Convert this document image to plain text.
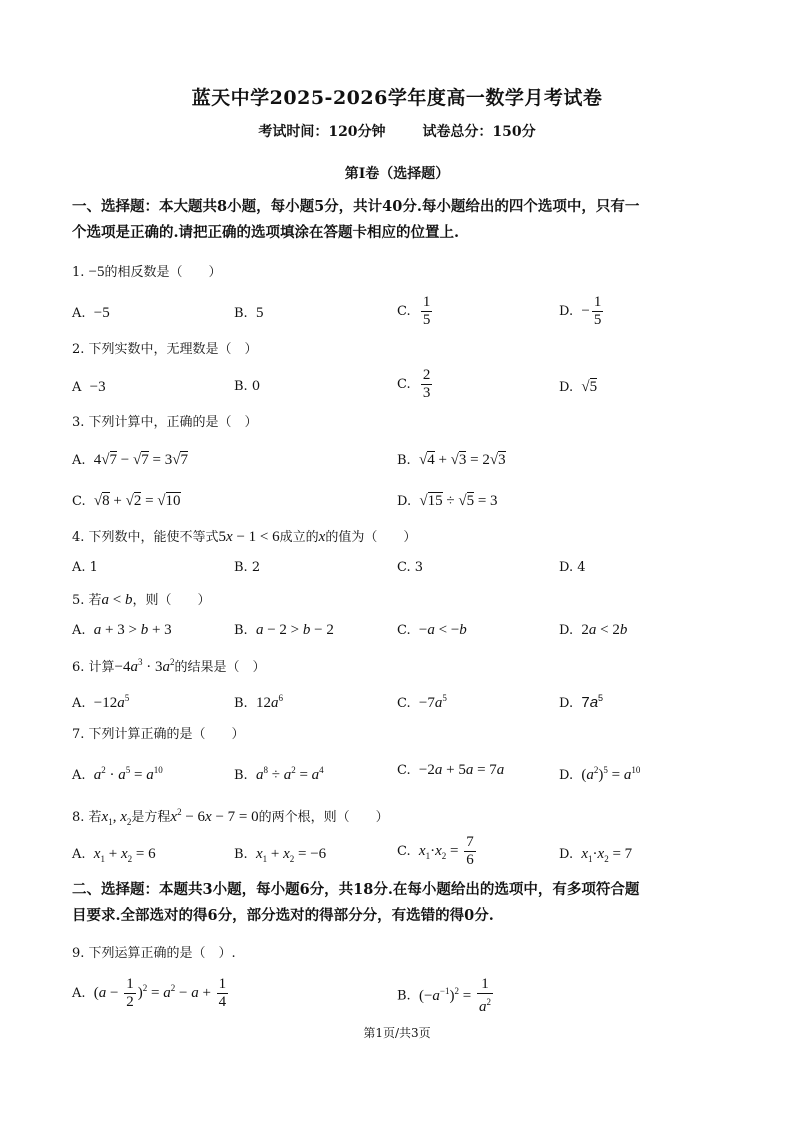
蓝天中学2025-2026学年度高一数学月考试卷
考试时间：120分钟	试卷总分：150分
第I卷（选择题）
一、选择题：本大题共8小题，每小题5分，共计40分.每小题给出的四个选项中，只有一
个选项是正确的.请把正确的选项填涂在答题卡相应的位置上.
1. −5的相反数是（　　）
A. −5	B. 5	C. $\frac{1}{5}$	D. − $\frac{1}{5}$
2. 下列实数中，无理数是（　）
A −3	B. 0	C. $\frac{2}{3}$	D. √5
3. 下列计算中，正确的是（　）
A. 4√7 − √7 = 3√7	B. √4 + √3 = 2√3
C. √8 + √2 = √10	D. √15 ÷ √5 = 3
4. 下列数中，能使不等式5x − 1 < 6成立的x的值为（　　）
A. 1	B. 2	C. 3	D. 4
5. 若a < b，则（　　）
A. a + 3 > b + 3	B. a − 2 > b − 2	C. −a < −b	D. 2a < 2b
6. 计算$-4a^3 \cdot 3a^2$的结果是（　）
A. $-12a^5$	B. $12a^6$	C. $-7a^5$	D. $7a^5$
7. 下列计算正确的是（　　）
A. $a^2 \cdot a^5 = a^{10}$	B. $a^8 \div a^2 = a^4$	C. −2a + 5a = 7a	D. $(a^2)^5 = a^{10}$
8. 若$x_1$, $x_2$是方程$x^2 - 6x - 7 = 0$的两个根，则（　　）
A. $x_1 + x_2 = 6$	B. $x_1 + x_2 = -6$	C. $x_1\cdot x_2 = \frac{7}{6}$	D. $x_1\cdot x_2 = 7$
二、选择题：本题共3小题，每小题6分，共18分.在每小题给出的选项中，有多项符合题
目要求.全部选对的得6分，部分选对的得部分分，有选错的得0分.
9. 下列运算正确的是（　）.
A. $(a - \frac{1}{2} )^2 = a^2 - a + \frac{1}{4}$	B. $(-a^{-1})^2 = \frac{1}{a^2}$
第1页/共3页
